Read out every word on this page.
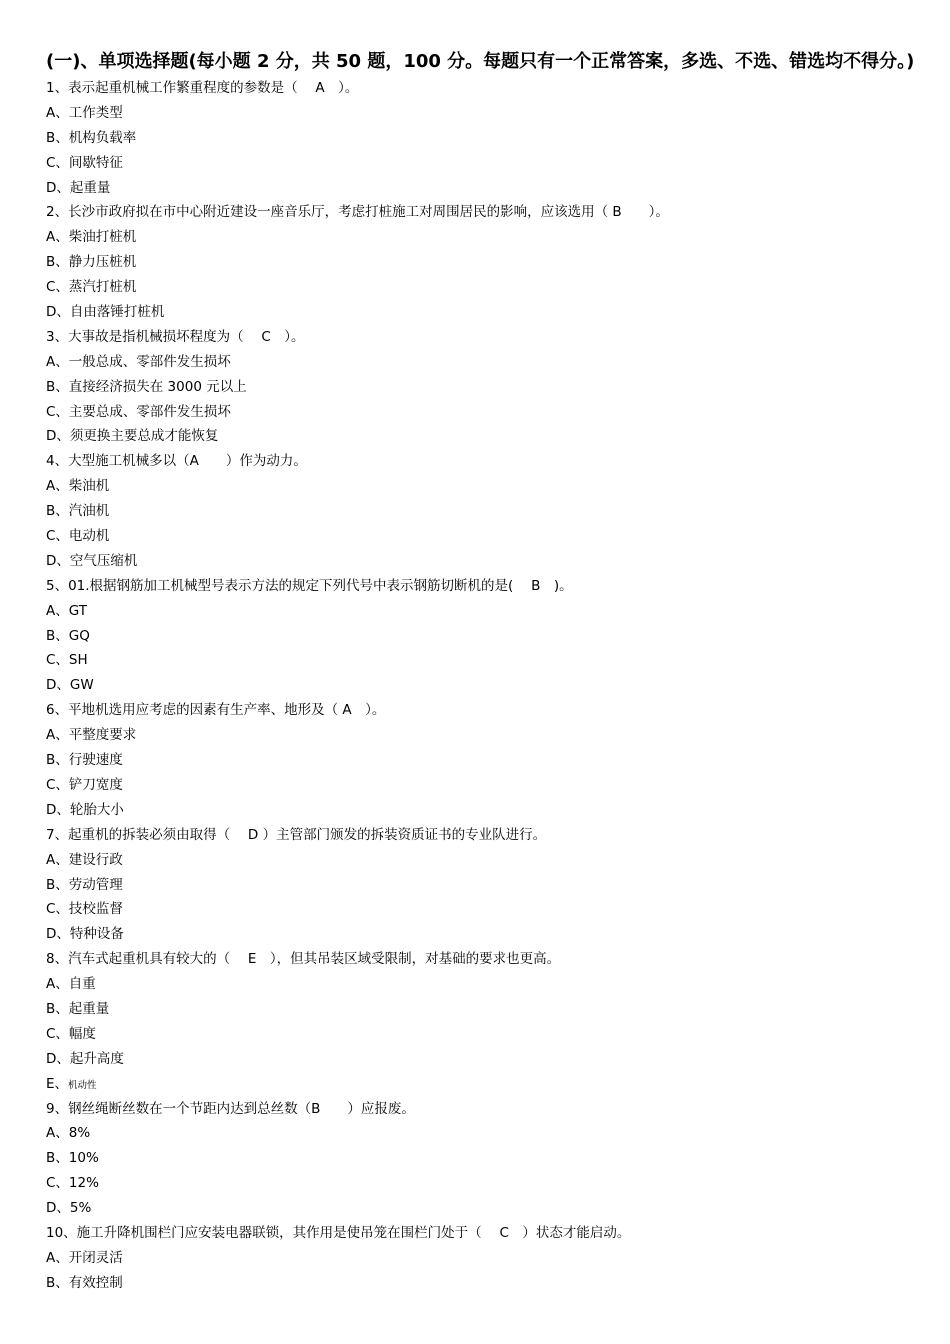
(一)、单项选择题(每小题 2 分，共 50 题，100 分。每题只有一个正常答案，多选、不选、错选均不得分。)
1、表示起重机械工作繁重程度的参数是（ 　A　）。
A、工作类型
B、机构负载率
C、间歇特征
D、起重量
2、长沙市政府拟在市中心附近建设一座音乐厅，考虑打桩施工对周围居民的影响，应该选用（ B　　）。
A、柴油打桩机
B、静力压桩机
C、蒸汽打桩机
D、自由落锤打桩机
3、大事故是指机械损坏程度为（ 　C　）。
A、一般总成、零部件发生损坏
B、直接经济损失在 3000 元以上
C、主要总成、零部件发生损坏
D、须更换主要总成才能恢复
4、大型施工机械多以（A　　）作为动力。
A、柴油机
B、汽油机
C、电动机
D、空气压缩机
5、01.根据钢筋加工机械型号表示方法的规定下列代号中表示钢筋切断机的是(　 B　)。
A、GT
B、GQ
C、SH
D、GW
6、平地机选用应考虑的因素有生产率、地形及（ A　）。
A、平整度要求
B、行驶速度
C、铲刀宽度
D、轮胎大小
7、起重机的拆装必须由取得（　 D ）主管部门颁发的拆装资质证书的专业队进行。
A、建设行政
B、劳动管理
C、技校监督
D、特种设备
8、汽车式起重机具有较大的（ 　E　），但其吊装区域受限制，对基础的要求也更高。
A、自重
B、起重量
C、幅度
D、起升高度
E、机动性
9、钢丝绳断丝数在一个节距内达到总丝数（B　　）应报废。
A、8%
B、10%
C、12%
D、5%
10、施工升降机围栏门应安装电器联锁，其作用是使吊笼在围栏门处于（ 　C　）状态才能启动。
A、开闭灵活
B、有效控制
